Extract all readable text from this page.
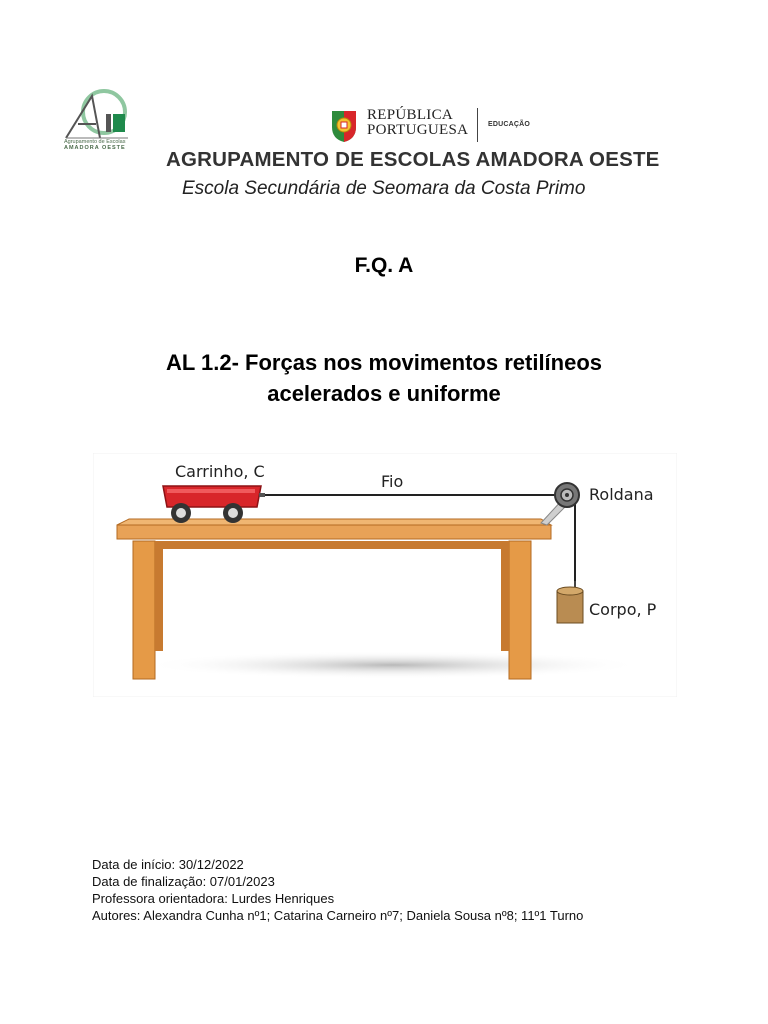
Agrupamento de Escolas
AMADORA OESTE
REPÚBLICA
PORTUGUESA	EDUCAÇÃO
AGRUPAMENTO DE ESCOLAS AMADORA OESTE
Escola Secundária de Seomara da Costa Primo
F.Q. A
AL 1.2- Forças nos movimentos retilíneos
acelerados e uniforme
Carrinho, C
Fio
Roldana
Corpo, P
Data de início: 30/12/2022
Data de finalização: 07/01/2023
Professora orientadora: Lurdes Henriques
Autores: Alexandra Cunha nº1; Catarina Carneiro nº7; Daniela Sousa nº8; 11º1 Turno
